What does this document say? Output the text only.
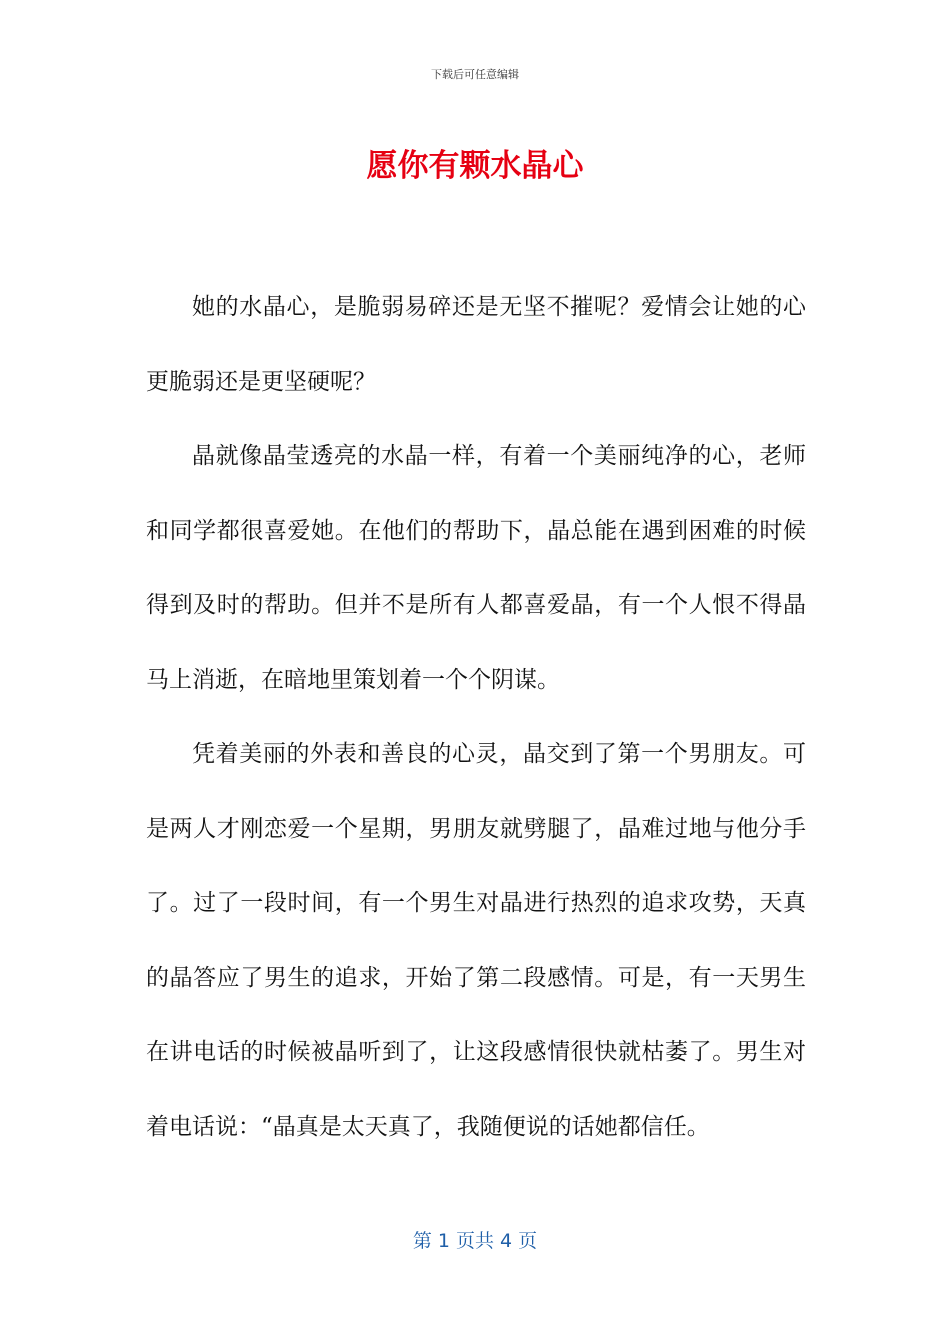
下载后可任意编辑
愿你有颗水晶心

她的水晶心，是脆弱易碎还是无坚不摧呢？爱情会让她的心更脆弱还是更坚硬呢？

晶就像晶莹透亮的水晶一样，有着一个美丽纯净的心，老师和同学都很喜爱她。在他们的帮助下，晶总能在遇到困难的时候得到及时的帮助。但并不是所有人都喜爱晶，有一个人恨不得晶马上消逝，在暗地里策划着一个个阴谋。

凭着美丽的外表和善良的心灵，晶交到了第一个男朋友。可是两人才刚恋爱一个星期，男朋友就劈腿了，晶难过地与他分手了。过了一段时间，有一个男生对晶进行热烈的追求攻势，天真的晶答应了男生的追求，开始了第二段感情。可是，有一天男生在讲电话的时候被晶听到了，让这段感情很快就枯萎了。男生对着电话说：“晶真是太天真了，我随便说的话她都信任。

第 1 页共 4 页
